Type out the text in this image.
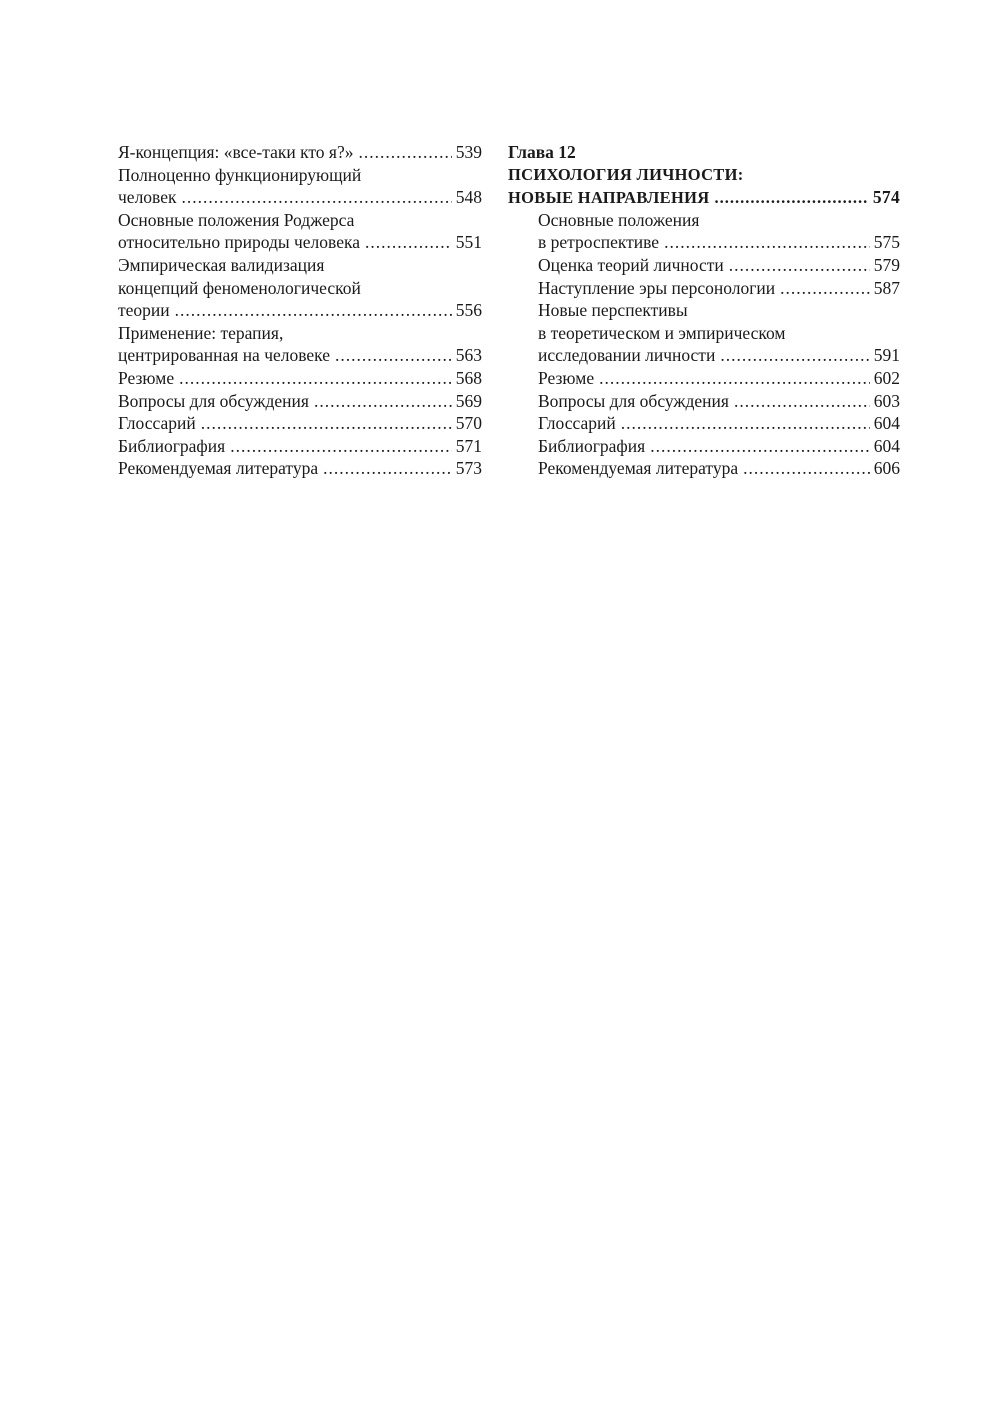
Я-концепция: «все-таки кто я?» .....	539
Полноценно функционирующий
человек .....	548
Основные положения Роджерса
относительно природы человека .....	551
Эмпирическая валидизация
концепций феноменологической
теории .....	556
Применение: терапия,
центрированная на человеке .....	563
Резюме .....	568
Вопросы для обсуждения .....	569
Глоссарий .....	570
Библиография .....	571
Рекомендуемая литература .....	573
Глава 12
ПСИХОЛОГИЯ ЛИЧНОСТИ:
НОВЫЕ НАПРАВЛЕНИЯ .....	574
Основные положения
в ретроспективе .....	575
Оценка теорий личности .....	579
Наступление эры персонологии .....	587
Новые перспективы
в теоретическом и эмпирическом
исследовании личности .....	591
Резюме .....	602
Вопросы для обсуждения .....	603
Глоссарий .....	604
Библиография .....	604
Рекомендуемая литература .....	606
